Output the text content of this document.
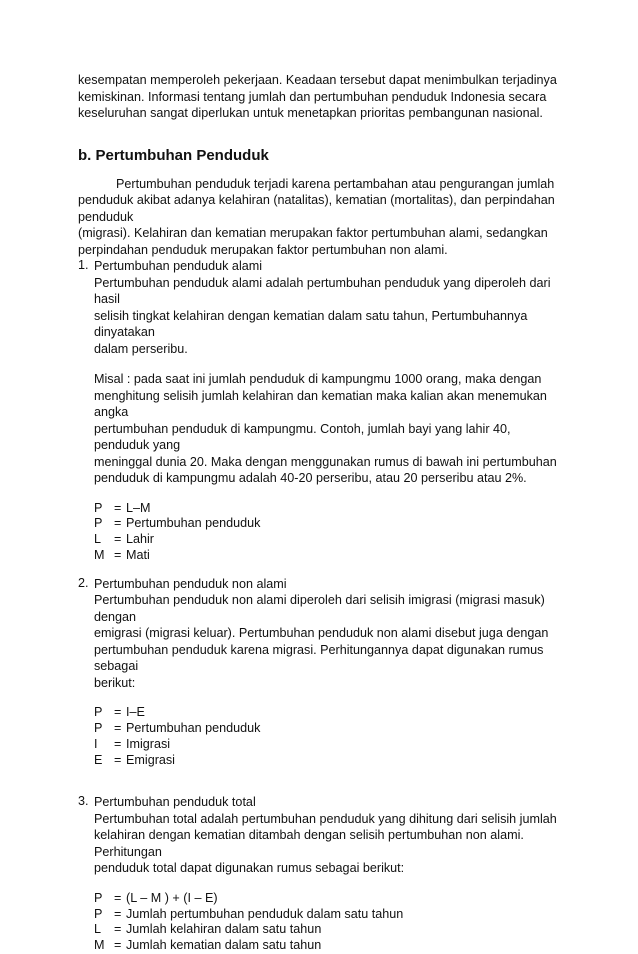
kesempatan memperoleh pekerjaan. Keadaan tersebut dapat menimbulkan terjadinya
kemiskinan. Informasi tentang jumlah dan pertumbuhan penduduk Indonesia secara
keseluruhan sangat diperlukan untuk menetapkan prioritas pembangunan nasional.
b. Pertumbuhan Penduduk
Pertumbuhan penduduk terjadi karena pertambahan atau pengurangan jumlah
penduduk akibat adanya kelahiran (natalitas), kematian (mortalitas), dan perpindahan penduduk
(migrasi). Kelahiran dan kematian merupakan faktor pertumbuhan alami, sedangkan
perpindahan penduduk merupakan faktor pertumbuhan non alami.
1. Pertumbuhan penduduk alami
Pertumbuhan penduduk alami adalah pertumbuhan penduduk yang diperoleh dari hasil
selisih tingkat kelahiran dengan kematian dalam satu tahun, Pertumbuhannya dinyatakan
dalam perseribu.
Misal : pada saat ini jumlah penduduk di kampungmu 1000 orang, maka dengan
menghitung selisih jumlah kelahiran dan kematian maka kalian akan menemukan angka
pertumbuhan penduduk di kampungmu. Contoh, jumlah bayi yang lahir 40, penduduk yang
meninggal dunia 20. Maka dengan menggunakan rumus di bawah ini pertumbuhan
penduduk di kampungmu adalah 40-20 perseribu, atau 20 perseribu atau 2%.
P = L–M
P = Pertumbuhan penduduk
L	= Lahir
M = Mati
2. Pertumbuhan penduduk non alami
Pertumbuhan penduduk non alami diperoleh dari selisih imigrasi (migrasi masuk) dengan
emigrasi (migrasi keluar). Pertumbuhan penduduk non alami disebut juga dengan
pertumbuhan penduduk karena migrasi. Perhitungannya dapat digunakan rumus sebagai
berikut:
P = I–E
P = Pertumbuhan penduduk
I	= Imigrasi
E = Emigrasi
3. Pertumbuhan penduduk total
Pertumbuhan total adalah pertumbuhan penduduk yang dihitung dari selisih jumlah
kelahiran dengan kematian ditambah dengan selisih pertumbuhan non alami. Perhitungan
penduduk total dapat digunakan rumus sebagai berikut:
P = (L – M ) + (I – E)
P = Jumlah pertumbuhan penduduk dalam satu tahun
L	= Jumlah kelahiran dalam satu tahun
M = Jumlah kematian dalam satu tahun
